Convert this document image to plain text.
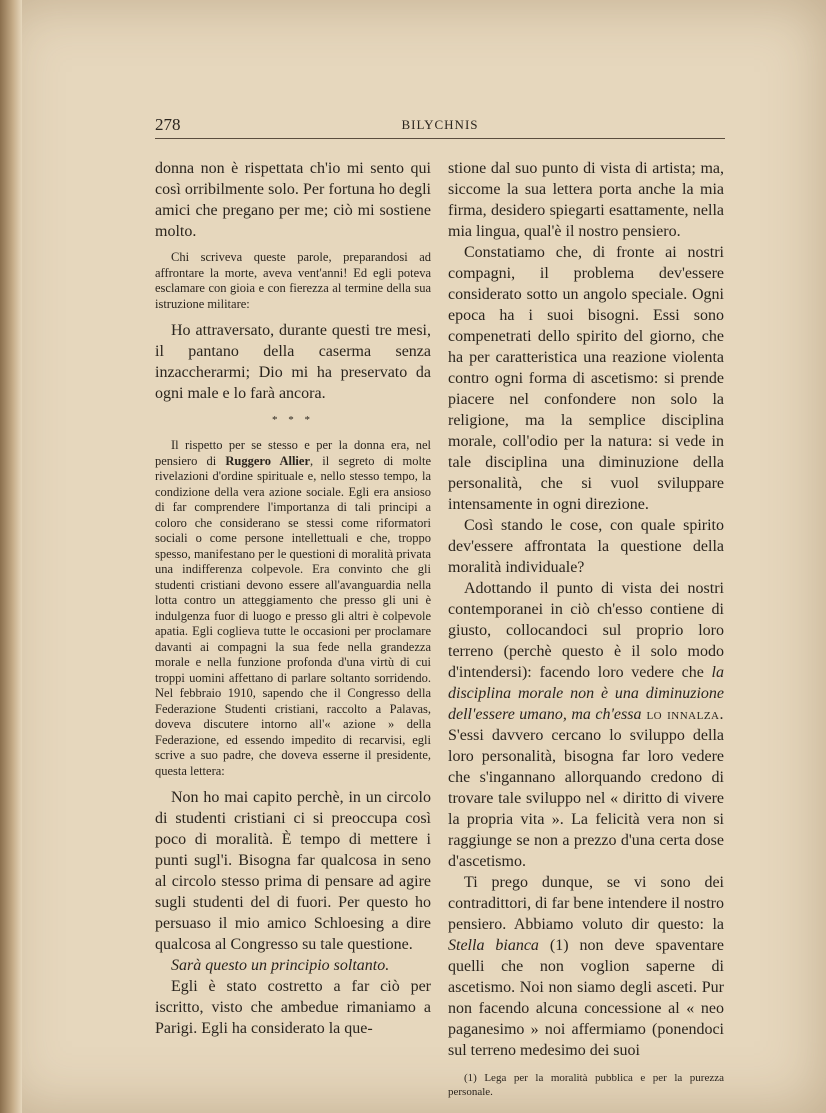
278	BILYCHNIS

donna non è rispettata ch'io mi sento qui così orribilmente solo. Per fortuna ho degli amici che pregano per me; ciò mi sostiene molto.

Chi scriveva queste parole, preparandosi ad affrontare la morte, aveva vent'anni! Ed egli poteva esclamare con gioia e con fierezza al termine della sua istruzione militare:

Ho attraversato, durante questi tre mesi, il pantano della caserma senza inzaccherarmi; Dio mi ha preservato da ogni male e lo farà ancora.

* * *

Il rispetto per se stesso e per la donna era, nel pensiero di Ruggero Allier, il segreto di molte rivelazioni d'ordine spirituale e, nello stesso tempo, la condizione della vera azione sociale. Egli era ansioso di far comprendere l'importanza di tali principi a coloro che considerano se stessi come riformatori sociali o come persone intellettuali e che, troppo spesso, manifestano per le questioni di moralità privata una indifferenza colpevole. Era convinto che gli studenti cristiani devono essere all'avanguardia nella lotta contro un atteggiamento che presso gli uni è indulgenza fuor di luogo e presso gli altri è colpevole apatia. Egli coglieva tutte le occasioni per proclamare davanti ai compagni la sua fede nella grandezza morale e nella funzione profonda d'una virtù di cui troppi uomini affettano di parlare soltanto sorridendo. Nel febbraio 1910, sapendo che il Congresso della Federazione Studenti cristiani, raccolto a Palavas, doveva discutere intorno all'« azione » della Federazione, ed essendo impedito di recarvisi, egli scrive a suo padre, che doveva esserne il presidente, questa lettera:

Non ho mai capito perchè, in un circolo di studenti cristiani ci si preoccupa così poco di moralità. È tempo di mettere i punti sugl'i. Bisogna far qualcosa in seno al circolo stesso prima di pensare ad agire sugli studenti del di fuori. Per questo ho persuaso il mio amico Schloesing a dire qualcosa al Congresso su tale questione.

Sarà questo un principio soltanto.

Egli è stato costretto a far ciò per iscritto, visto che ambedue rimaniamo a Parigi. Egli ha considerato la que-

stione dal suo punto di vista di artista; ma, siccome la sua lettera porta anche la mia firma, desidero spiegarti esattamente, nella mia lingua, qual'è il nostro pensiero.

Constatiamo che, di fronte ai nostri compagni, il problema dev'essere considerato sotto un angolo speciale. Ogni epoca ha i suoi bisogni. Essi sono compenetrati dello spirito del giorno, che ha per caratteristica una reazione violenta contro ogni forma di ascetismo: si prende piacere nel confondere non solo la religione, ma la semplice disciplina morale, coll'odio per la natura: si vede in tale disciplina una diminuzione della personalità, che si vuol sviluppare intensamente in ogni direzione.

Così stando le cose, con quale spirito dev'essere affrontata la questione della moralità individuale?

Adottando il punto di vista dei nostri contemporanei in ciò ch'esso contiene di giusto, collocandoci sul proprio loro terreno (perchè questo è il solo modo d'intendersi): facendo loro vedere che la disciplina morale non è una diminuzione dell'essere umano, ma ch'essa lo innalza. S'essi davvero cercano lo sviluppo della loro personalità, bisogna far loro vedere che s'ingannano allorquando credono di trovare tale sviluppo nel « diritto di vivere la propria vita ». La felicità vera non si raggiunge se non a prezzo d'una certa dose d'ascetismo.

Ti prego dunque, se vi sono dei contradittori, di far bene intendere il nostro pensiero. Abbiamo voluto dir questo: la Stella bianca (1) non deve spaventare quelli che non voglion saperne di ascetismo. Noi non siamo degli asceti. Pur non facendo alcuna concessione al « neo paganesimo » noi affermiamo (ponendoci sul terreno medesimo dei suoi

(1) Lega per la moralità pubblica e per la purezza personale.
